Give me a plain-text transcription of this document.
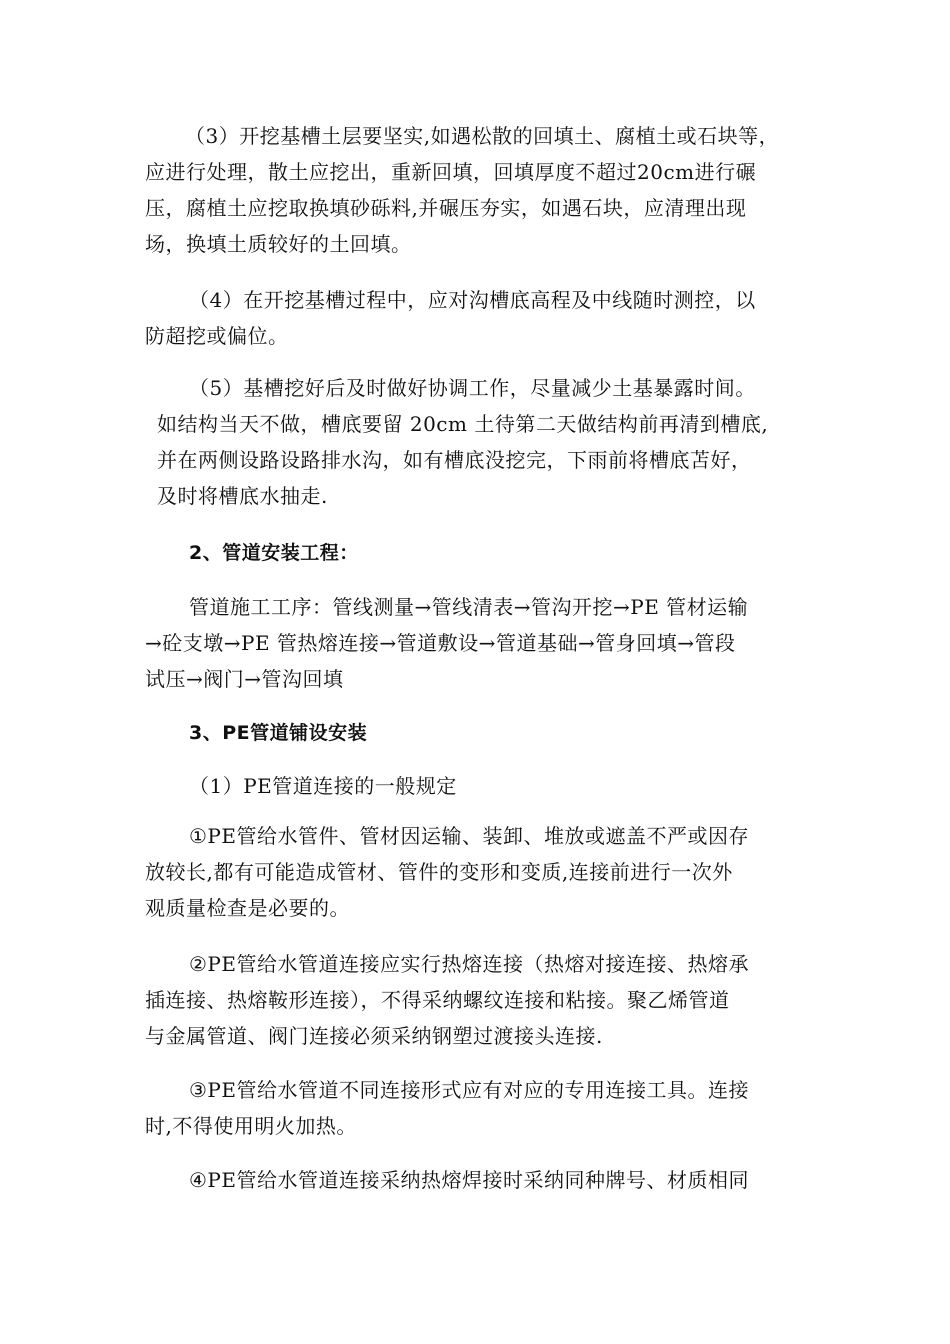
（3）开挖基槽土层要坚实,如遇松散的回填土、腐植土或石块等，
应进行处理，散土应挖出，重新回填，回填厚度不超过20cm进行碾
压，腐植土应挖取换填砂砾料,并碾压夯实，如遇石块，应清理出现
场，换填土质较好的土回填。

（4）在开挖基槽过程中，应对沟槽底高程及中线随时测控，以
防超挖或偏位。

（5）基槽挖好后及时做好协调工作，尽量减少土基暴露时间。
如结构当天不做，槽底要留 20cm 土待第二天做结构前再清到槽底,
并在两侧设路设路排水沟，如有槽底没挖完，下雨前将槽底苫好，
及时将槽底水抽走.

2、管道安装工程：

管道施工工序：管线测量→管线清表→管沟开挖→PE 管材运输
→砼支墩→PE 管热熔连接→管道敷设→管道基础→管身回填→管段
试压→阀门→管沟回填

3、PE管道铺设安装

（1）PE管道连接的一般规定

①PE管给水管件、管材因运输、装卸、堆放或遮盖不严或因存
放较长,都有可能造成管材、管件的变形和变质,连接前进行一次外
观质量检查是必要的。

②PE管给水管道连接应实行热熔连接（热熔对接连接、热熔承
插连接、热熔鞍形连接），不得采纳螺纹连接和粘接。聚乙烯管道
与金属管道、阀门连接必须采纳钢塑过渡接头连接.

③PE管给水管道不同连接形式应有对应的专用连接工具。连接
时,不得使用明火加热。

④PE管给水管道连接采纳热熔焊接时采纳同种牌号、材质相同
